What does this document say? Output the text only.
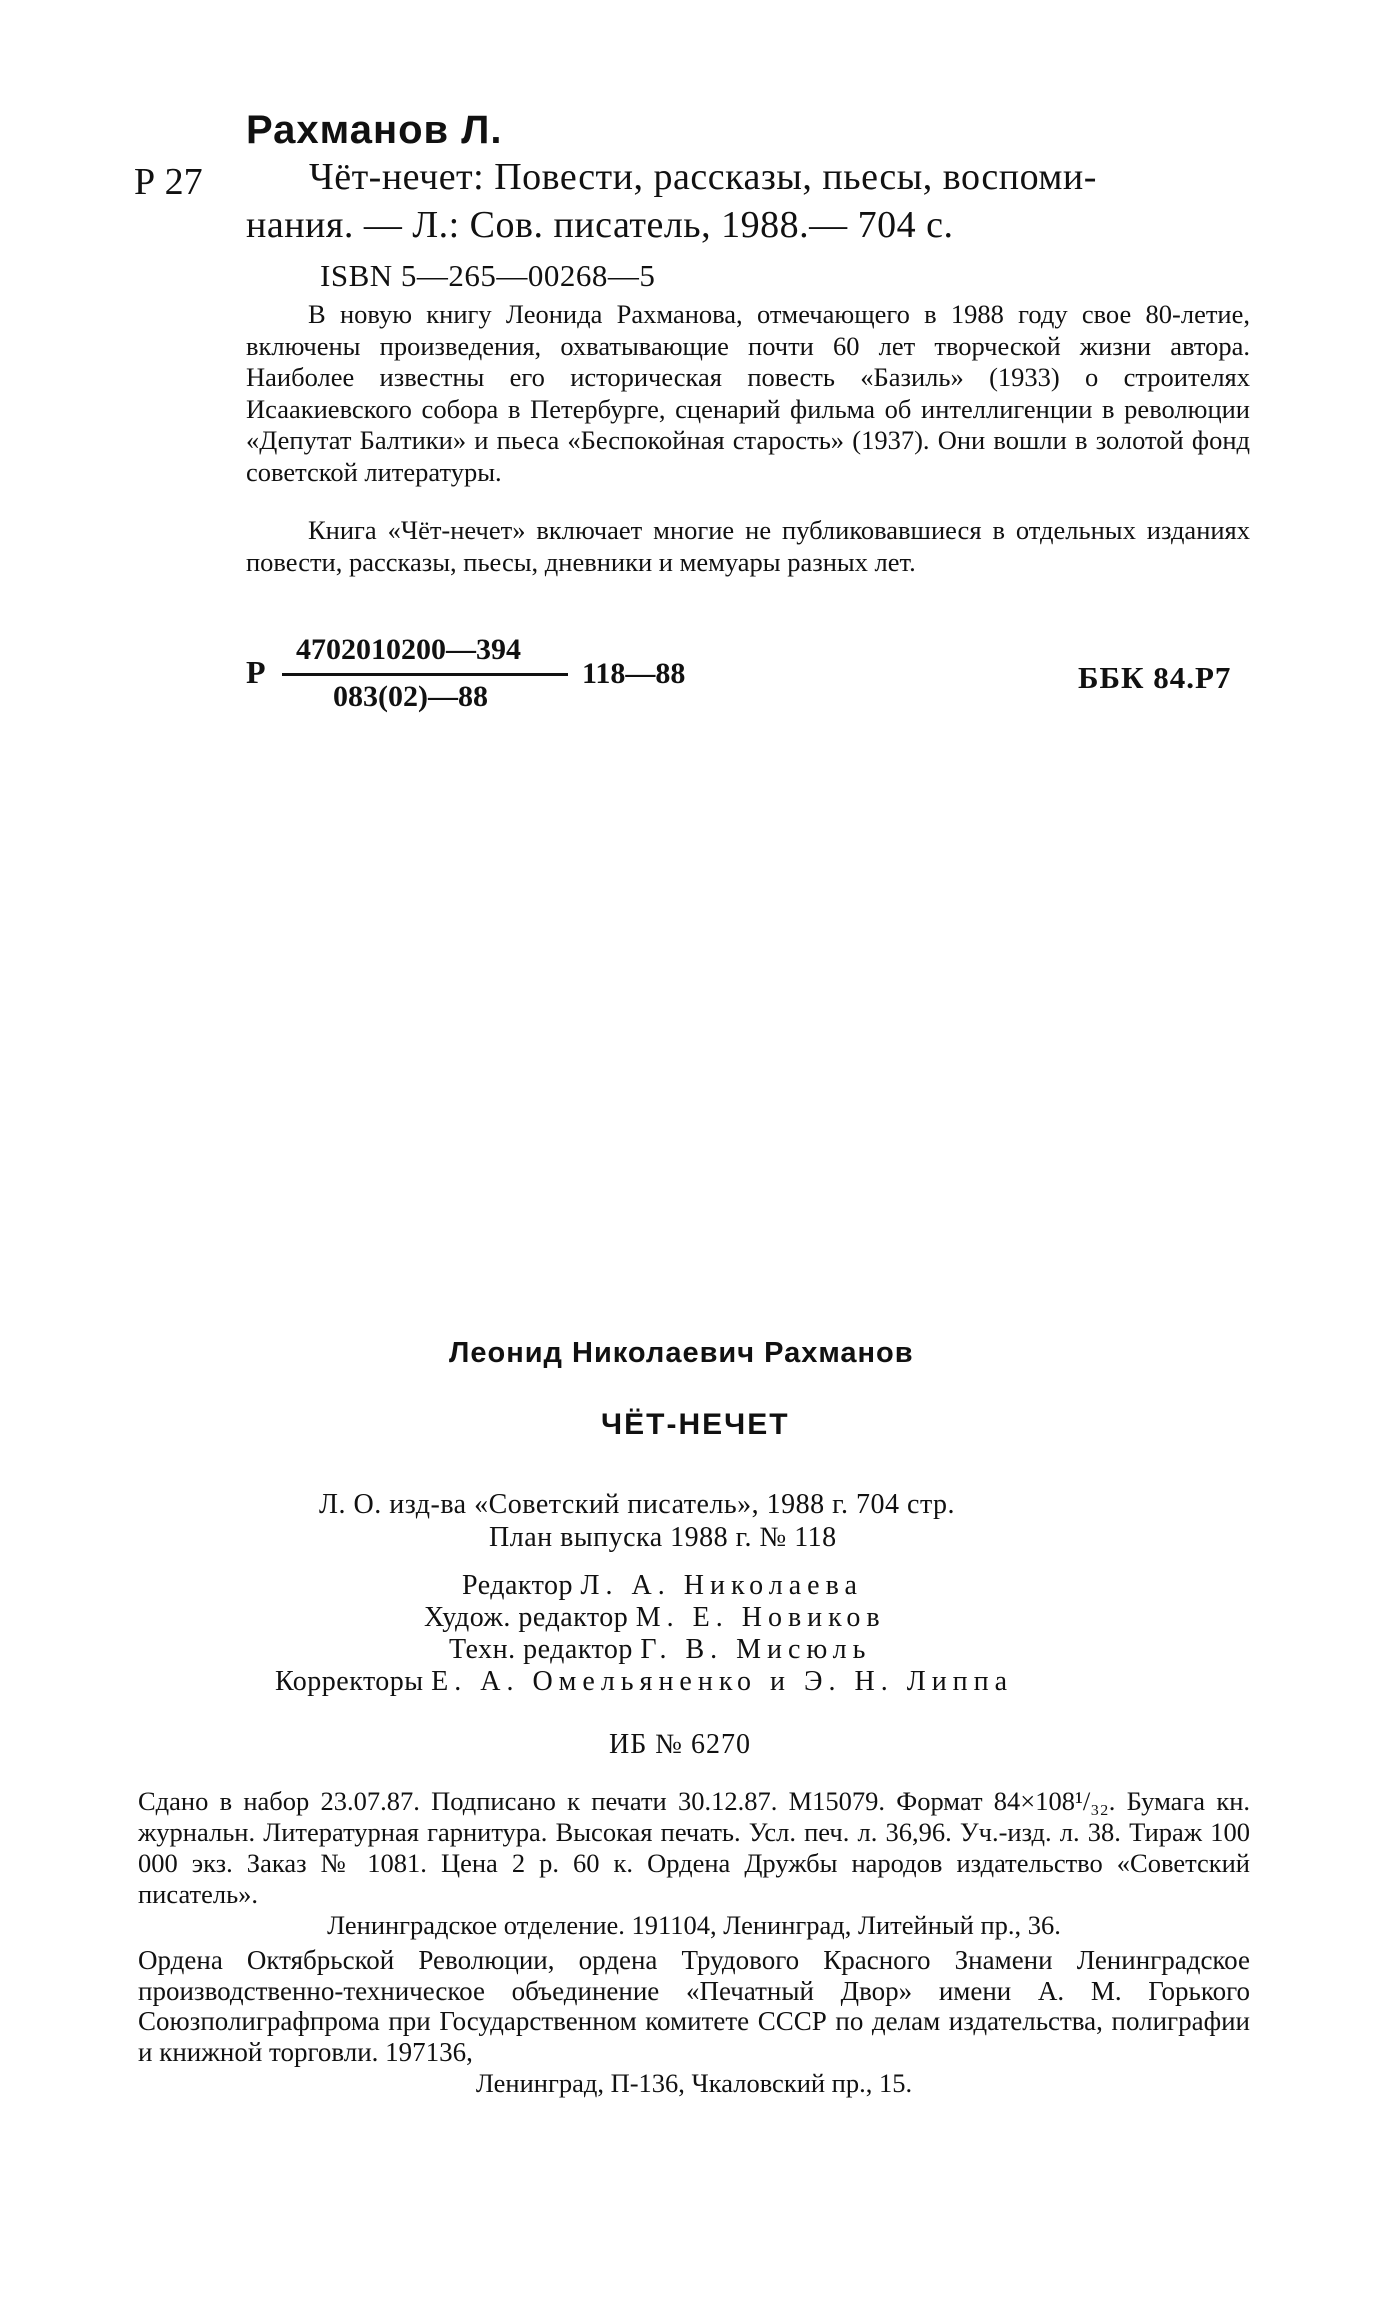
Рахманов Л.
Р 27	Чёт-нечет: Повести, рассказы, пьесы, воспоми-
нания. — Л.: Сов. писатель, 1988.— 704 с.
ISBN 5—265—00268—5
В новую книгу Леонида Рахманова, отмечающего в 1988 году свое 80-летие, включены произведения, охватывающие почти 60 лет творческой жизни автора. Наиболее известны его историческая повесть «Базиль» (1933) о строителях Исаакиевского собора в Петербурге, сценарий фильма об интеллигенции в революции «Депутат Балтики» и пьеса «Беспокойная старость» (1937). Они вошли в золотой фонд советской литературы.
Книга «Чёт-нечет» включает многие не публиковавшиеся в отдельных изданиях повести, рассказы, пьесы, дневники и мемуары разных лет.
Р
4702010200—394
083(02)—88
118—88	ББК 84.Р7
Леонид Николаевич Рахманов
ЧЁТ-НЕЧЕТ
Л. О. изд-ва «Советский писатель», 1988 г. 704 стр.
План выпуска 1988 г. № 118
Редактор Л. А. Николаева
Худож. редактор М. Е. Новиков
Техн. редактор Г. В. Мисюль
Корректоры Е. А. Омельяненко и Э. Н. Липпа
ИБ № 6270
Сдано в набор 23.07.87. Подписано к печати 30.12.87. М15079. Формат 84×108¹/₃₂. Бумага кн. журнальн. Литературная гарнитура. Высокая печать. Усл. печ. л. 36,96. Уч.-изд. л. 38. Тираж 100 000 экз. Заказ № 1081. Цена 2 р. 60 к. Ордена Дружбы народов издательство «Советский писатель».
Ленинградское отделение. 191104, Ленинград, Литейный пр., 36.
Ордена Октябрьской Революции, ордена Трудового Красного Знамени Ленинградское производственно-техническое объединение «Печатный Двор» имени А. М. Горького Союзполиграфпрома при Государственном комитете СССР по делам издательства, полиграфии и книжной торговли. 197136,
Ленинград, П-136, Чкаловский пр., 15.
